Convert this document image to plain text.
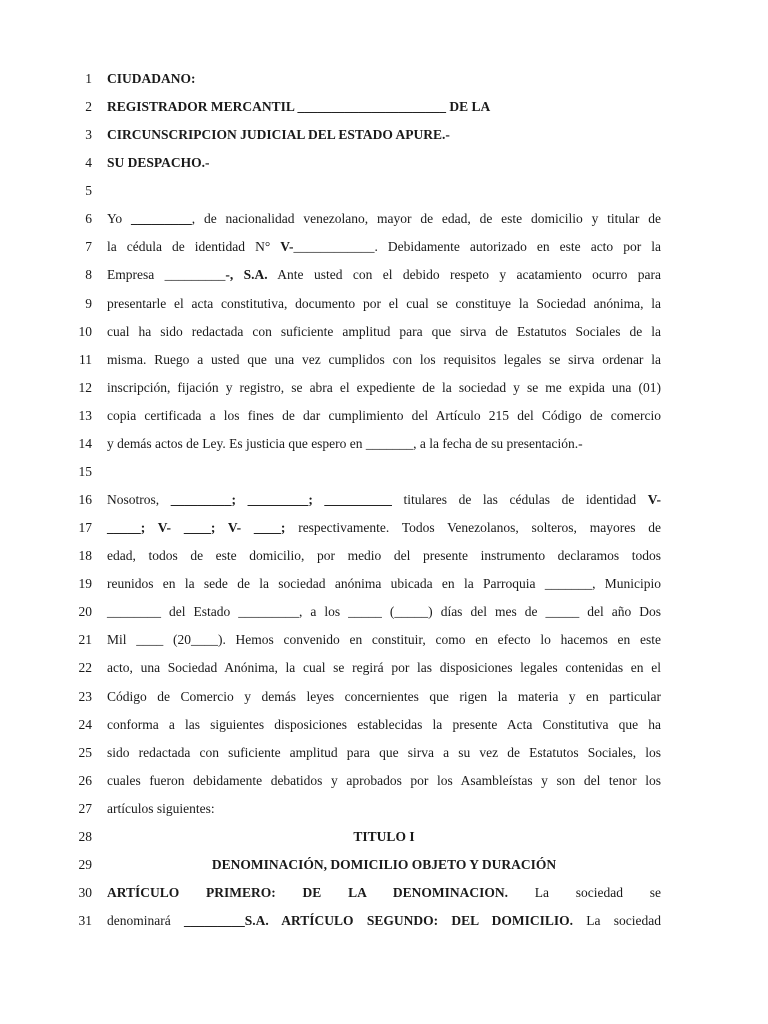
1 CIUDADANO:
2 REGISTRADOR MERCANTIL ______________________ DE LA
3 CIRCUNSCRIPCION JUDICIAL DEL ESTADO APURE.-
4 SU DESPACHO.-
5
6 Yo _________, de nacionalidad venezolano, mayor de edad, de este domicilio y titular de
7 la cédula de identidad N° V-____________. Debidamente autorizado en este acto por la
8 Empresa _________-, S.A. Ante usted con el debido respeto y acatamiento ocurro para
9 presentarle el acta constitutiva, documento por el cual se constituye la Sociedad anónima, la
10 cual ha sido redactada con suficiente amplitud para que sirva de Estatutos Sociales de la
11 misma. Ruego a usted que una vez cumplidos con los requisitos legales se sirva ordenar la
12 inscripción, fijación y registro, se abra el expediente de la sociedad y se me expida una (01)
13 copia certificada a los fines de dar cumplimiento del Artículo 215 del Código de comercio
14 y demás actos de Ley. Es justicia que espero en _______, a la fecha de su presentación.-
15
16 Nosotros, _________; _________; __________ titulares de las cédulas de identidad V-
17 _____; V- ____; V- ____; respectivamente. Todos Venezolanos, solteros, mayores de
18 edad, todos de este domicilio, por medio del presente instrumento declaramos todos
19 reunidos en la sede de la sociedad anónima ubicada en la Parroquia _______, Municipio
20 ________ del Estado _________, a los _____ (_____) días del mes de _____ del año Dos
21 Mil ____ (20____). Hemos convenido en constituir, como en efecto lo hacemos en este
22 acto, una Sociedad Anónima, la cual se regirá por las disposiciones legales contenidas en el
23 Código de Comercio y demás leyes concernientes que rigen la materia y en particular
24 conforma a las siguientes disposiciones establecidas la presente Acta Constitutiva que ha
25 sido redactada con suficiente amplitud para que sirva a su vez de Estatutos Sociales, los
26 cuales fueron debidamente debatidos y aprobados por los Asambleístas y son del tenor los
27 artículos siguientes:
28	TITULO I
29	DENOMINACIÓN, DOMICILIO OBJETO Y DURACIÓN
30 ARTÍCULO PRIMERO: DE LA DENOMINACION. La sociedad se
31 denominará _________S.A. ARTÍCULO SEGUNDO: DEL DOMICILIO. La sociedad
